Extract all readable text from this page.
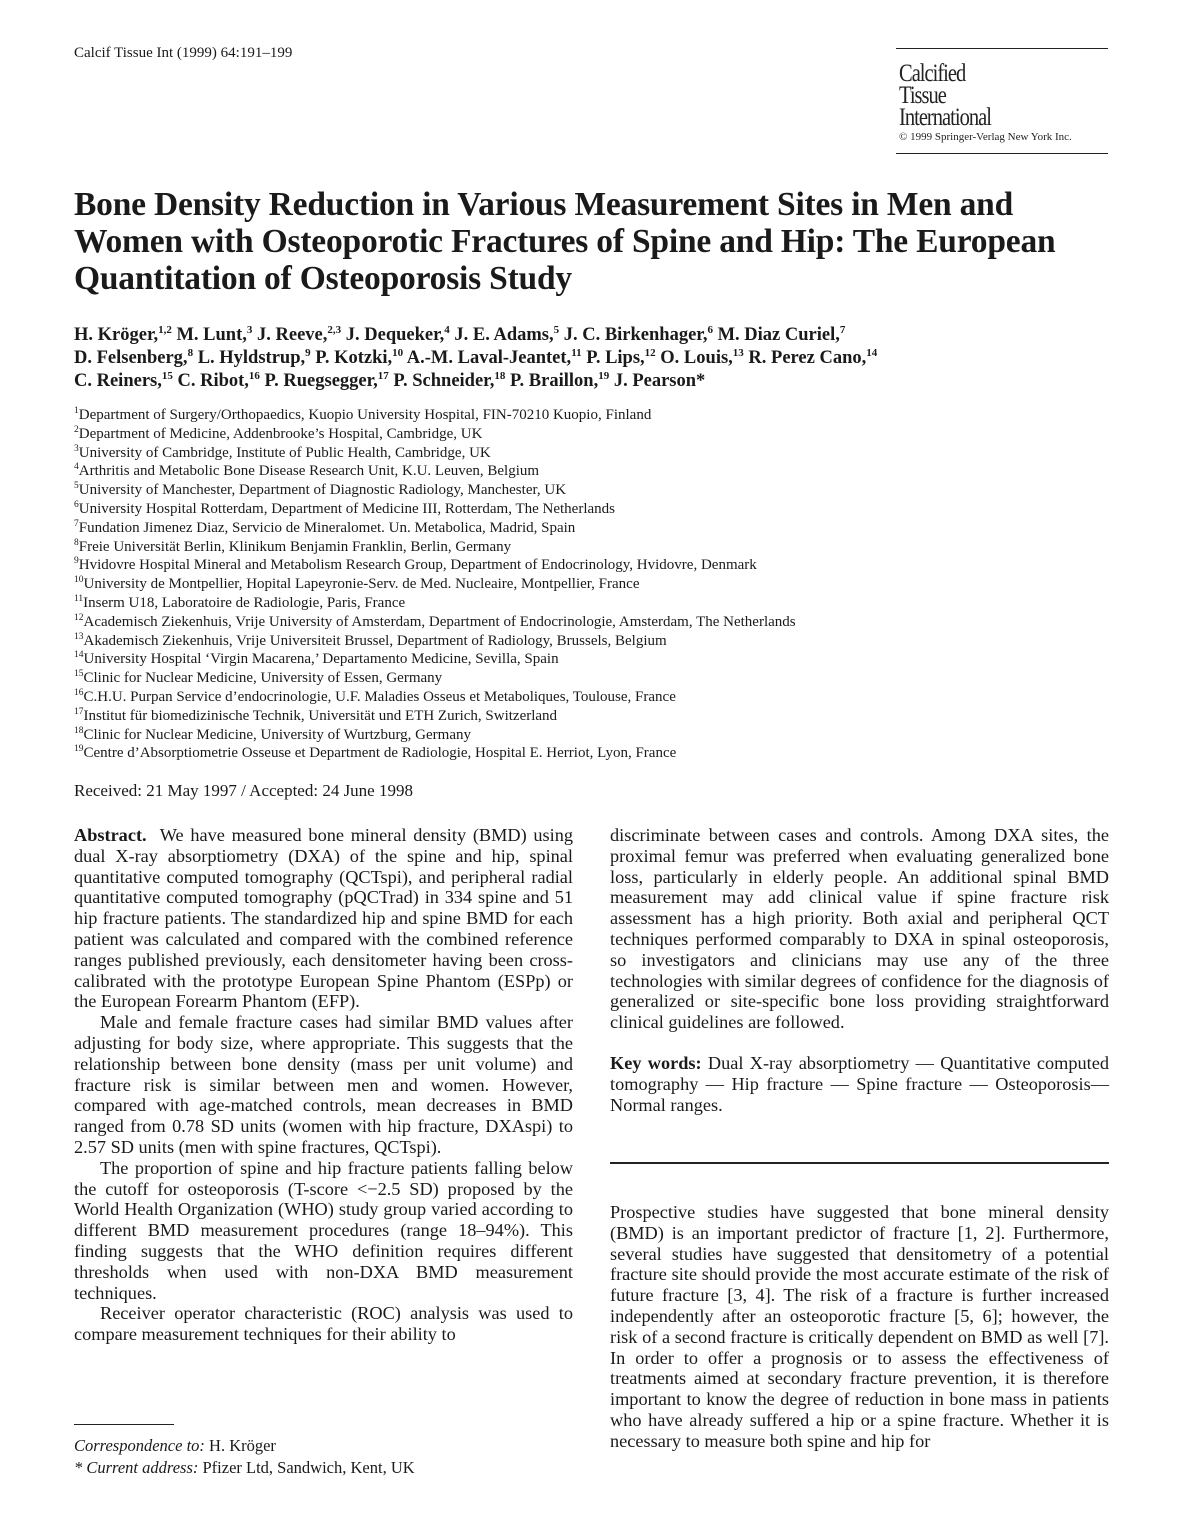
Calcif Tissue Int (1999) 64:191–199
Calcified
Tissue
International
© 1999 Springer-Verlag New York Inc.
Bone Density Reduction in Various Measurement Sites in Men and Women with Osteoporotic Fractures of Spine and Hip: The European Quantitation of Osteoporosis Study
H. Kröger,$^{1,2}$ M. Lunt,$^3$ J. Reeve,$^{2,3}$ J. Dequeker,$^4$ J. E. Adams,$^5$ J. C. Birkenhager,$^6$ M. Diaz Curiel,$^7$
D. Felsenberg,$^8$ L. Hyldstrup,$^9$ P. Kotzki,$^{10}$ A.-M. Laval-Jeantet,$^{11}$ P. Lips,$^{12}$ O. Louis,$^{13}$ R. Perez Cano,$^{14}$
C. Reiners,$^{15}$ C. Ribot,$^{16}$ P. Ruegsegger,$^{17}$ P. Schneider,$^{18}$ P. Braillon,$^{19}$ J. Pearson*
$^1$Department of Surgery/Orthopaedics, Kuopio University Hospital, FIN-70210 Kuopio, Finland
$^2$Department of Medicine, Addenbrooke’s Hospital, Cambridge, UK
$^3$University of Cambridge, Institute of Public Health, Cambridge, UK
$^4$Arthritis and Metabolic Bone Disease Research Unit, K.U. Leuven, Belgium
$^5$University of Manchester, Department of Diagnostic Radiology, Manchester, UK
$^6$University Hospital Rotterdam, Department of Medicine III, Rotterdam, The Netherlands
$^7$Fundation Jimenez Diaz, Servicio de Mineralomet. Un. Metabolica, Madrid, Spain
$^8$Freie Universität Berlin, Klinikum Benjamin Franklin, Berlin, Germany
$^9$Hvidovre Hospital Mineral and Metabolism Research Group, Department of Endocrinology, Hvidovre, Denmark
$^{10}$University de Montpellier, Hopital Lapeyronie-Serv. de Med. Nucleaire, Montpellier, France
$^{11}$Inserm U18, Laboratoire de Radiologie, Paris, France
$^{12}$Academisch Ziekenhuis, Vrije University of Amsterdam, Department of Endocrinologie, Amsterdam, The Netherlands
$^{13}$Akademisch Ziekenhuis, Vrije Universiteit Brussel, Department of Radiology, Brussels, Belgium
$^{14}$University Hospital ‘Virgin Macarena,’ Departamento Medicine, Sevilla, Spain
$^{15}$Clinic for Nuclear Medicine, University of Essen, Germany
$^{16}$C.H.U. Purpan Service d’endocrinologie, U.F. Maladies Osseus et Metaboliques, Toulouse, France
$^{17}$Institut für biomedizinische Technik, Universität und ETH Zurich, Switzerland
$^{18}$Clinic for Nuclear Medicine, University of Wurtzburg, Germany
$^{19}$Centre d’Absorptiometrie Osseuse et Department de Radiologie, Hospital E. Herriot, Lyon, France
Received: 21 May 1997 / Accepted: 24 June 1998

Abstract. We have measured bone mineral density (BMD) using dual X-ray absorptiometry (DXA) of the spine and hip, spinal quantitative computed tomography (QCTspi), and peripheral radial quantitative computed tomography (pQCTrad) in 334 spine and 51 hip fracture patients. The standardized hip and spine BMD for each patient was calculated and compared with the combined reference ranges published previously, each densitometer having been cross-calibrated with the prototype European Spine Phantom (ESPp) or the European Forearm Phantom (EFP).

Male and female fracture cases had similar BMD values after adjusting for body size, where appropriate. This suggests that the relationship between bone density (mass per unit volume) and fracture risk is similar between men and women. However, compared with age-matched controls, mean decreases in BMD ranged from 0.78 SD units (women with hip fracture, DXAspi) to 2.57 SD units (men with spine fractures, QCTspi).

The proportion of spine and hip fracture patients falling below the cutoff for osteoporosis (T-score <−2.5 SD) proposed by the World Health Organization (WHO) study group varied according to different BMD measurement procedures (range 18–94%). This finding suggests that the WHO definition requires different thresholds when used with non-DXA BMD measurement techniques.

Receiver operator characteristic (ROC) analysis was used to compare measurement techniques for their ability to

discriminate between cases and controls. Among DXA sites, the proximal femur was preferred when evaluating generalized bone loss, particularly in elderly people. An additional spinal BMD measurement may add clinical value if spine fracture risk assessment has a high priority. Both axial and peripheral QCT techniques performed comparably to DXA in spinal osteoporosis, so investigators and clinicians may use any of the three technologies with similar degrees of confidence for the diagnosis of generalized or site-specific bone loss providing straightforward clinical guidelines are followed.

Key words: Dual X-ray absorptiometry — Quantitative computed tomography — Hip fracture — Spine fracture — Osteoporosis—Normal ranges.

Prospective studies have suggested that bone mineral density (BMD) is an important predictor of fracture [1, 2]. Furthermore, several studies have suggested that densitometry of a potential fracture site should provide the most accurate estimate of the risk of future fracture [3, 4]. The risk of a fracture is further increased independently after an osteoporotic fracture [5, 6]; however, the risk of a second fracture is critically dependent on BMD as well [7]. In order to offer a prognosis or to assess the effectiveness of treatments aimed at secondary fracture prevention, it is therefore important to know the degree of reduction in bone mass in patients who have already suffered a hip or a spine fracture. Whether it is necessary to measure both spine and hip for

Correspondence to: H. Kröger
* Current address: Pfizer Ltd, Sandwich, Kent, UK
